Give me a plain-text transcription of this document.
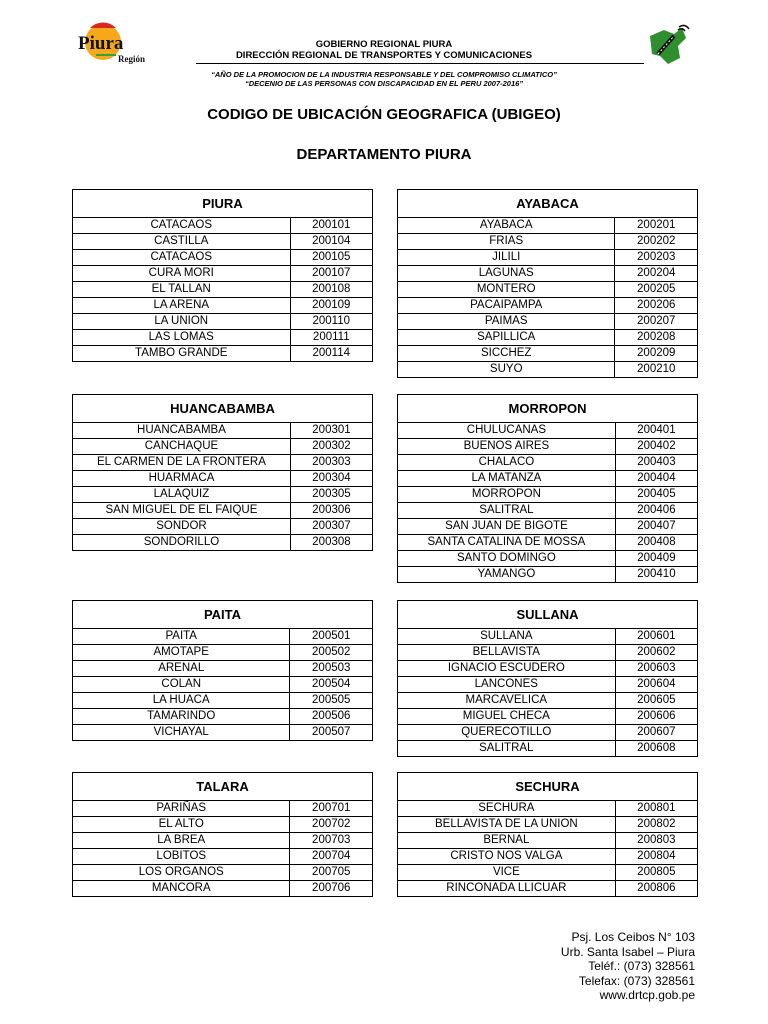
Piura
Región
GOBIERNO REGIONAL PIURA
DIRECCIÓN REGIONAL DE TRANSPORTES Y COMUNICACIONES
“AÑO DE LA PROMOCION DE LA INDUSTRIA RESPONSABLE Y DEL COMPROMISO CLIMATICO”
“DECENIO DE LAS PERSONAS CON DISCAPACIDAD EN EL PERU 2007-2016”
CODIGO DE UBICACIÓN GEOGRAFICA (UBIGEO)
DEPARTAMENTO PIURA
PIURA	
CATACAOS	200101
CASTILLA	200104
CATACAOS	200105
CURA MORI	200107
EL TALLAN	200108
LA ARENA	200109
LA UNION	200110
LAS LOMAS	200111
TAMBO GRANDE	200114
AYABACA	
AYABACA	200201
FRIAS	200202
JILILI	200203
LAGUNAS	200204
MONTERO	200205
PACAIPAMPA	200206
PAIMAS	200207
SAPILLICA	200208
SICCHEZ	200209
SUYO	200210
HUANCABAMBA	
HUANCABAMBA	200301
CANCHAQUE	200302
EL CARMEN DE LA FRONTERA	200303
HUARMACA	200304
LALAQUIZ	200305
SAN MIGUEL DE EL FAIQUE	200306
SONDOR	200307
SONDORILLO	200308
MORROPON	
CHULUCANAS	200401
BUENOS AIRES	200402
CHALACO	200403
LA MATANZA	200404
MORROPON	200405
SALITRAL	200406
SAN JUAN DE BIGOTE	200407
SANTA CATALINA DE MOSSA	200408
SANTO DOMINGO	200409
YAMANGO	200410
PAITA	
PAITA	200501
AMOTAPE	200502
ARENAL	200503
COLAN	200504
LA HUACA	200505
TAMARINDO	200506
VICHAYAL	200507
SULLANA	
SULLANA	200601
BELLAVISTA	200602
IGNACIO ESCUDERO	200603
LANCONES	200604
MARCAVELICA	200605
MIGUEL CHECA	200606
QUERECOTILLO	200607
SALITRAL	200608
TALARA	
PARIÑAS	200701
EL ALTO	200702
LA BREA	200703
LOBITOS	200704
LOS ORGANOS	200705
MANCORA	200706
SECHURA	
SECHURA	200801
BELLAVISTA DE LA UNION	200802
BERNAL	200803
CRISTO NOS VALGA	200804
VICE	200805
RINCONADA LLICUAR	200806
Psj. Los Ceibos N° 103
Urb. Santa Isabel – Piura
Teléf.: (073) 328561
Telefax: (073) 328561
www.drtcp.gob.pe
